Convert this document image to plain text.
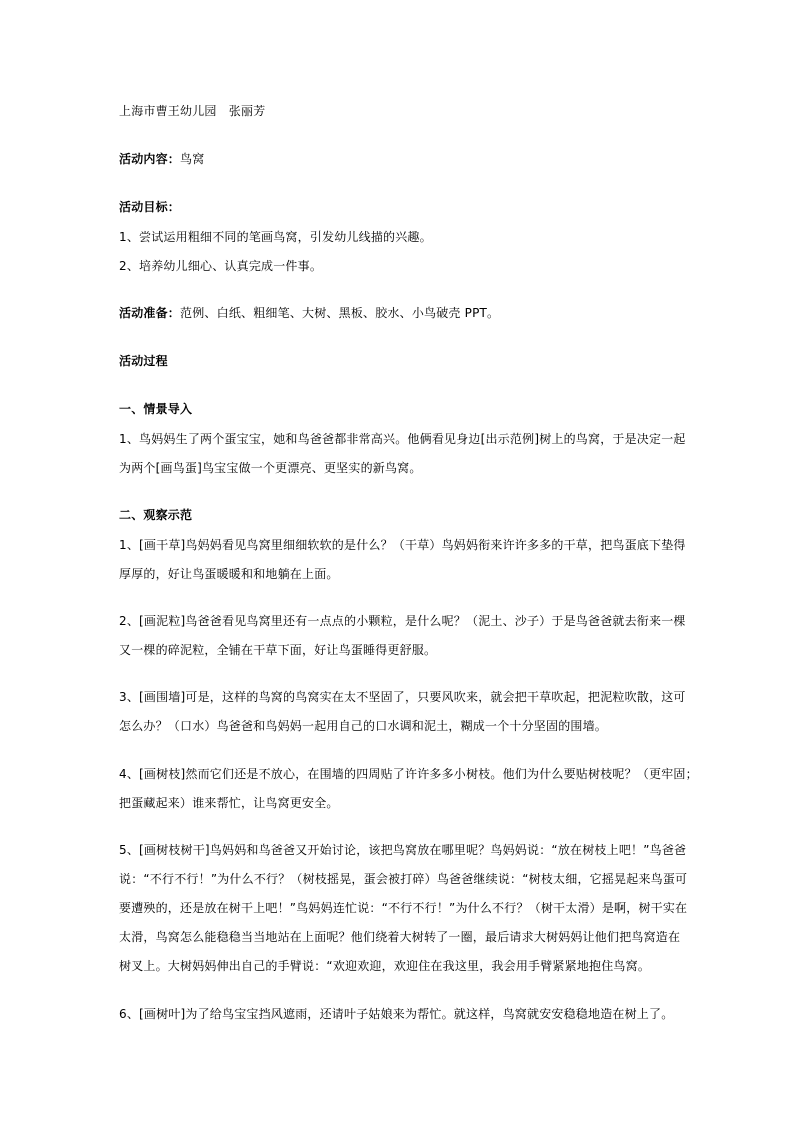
上海市曹王幼儿园　张丽芳
活动内容：鸟窝
活动目标：
1、尝试运用粗细不同的笔画鸟窝，引发幼儿线描的兴趣。
2、培养幼儿细心、认真完成一件事。
活动准备：范例、白纸、粗细笔、大树、黑板、胶水、小鸟破壳 PPT。
活动过程
一、情景导入
1、鸟妈妈生了两个蛋宝宝，她和鸟爸爸都非常高兴。他俩看见身边[出示范例]树上的鸟窝，于是决定一起
为两个[画鸟蛋]鸟宝宝做一个更漂亮、更坚实的新鸟窝。
二、观察示范
1、[画干草]鸟妈妈看见鸟窝里细细软软的是什么？（干草）鸟妈妈衔来许许多多的干草，把鸟蛋底下垫得
厚厚的，好让鸟蛋暖暖和和地躺在上面。
2、[画泥粒]鸟爸爸看见鸟窝里还有一点点的小颗粒，是什么呢？（泥土、沙子）于是鸟爸爸就去衔来一棵
又一棵的碎泥粒，全铺在干草下面，好让鸟蛋睡得更舒服。
3、[画围墙]可是，这样的鸟窝的鸟窝实在太不坚固了，只要风吹来，就会把干草吹起，把泥粒吹散，这可
怎么办？（口水）鸟爸爸和鸟妈妈一起用自己的口水调和泥土，糊成一个十分坚固的围墙。
4、[画树枝]然而它们还是不放心，在围墙的四周贴了许许多多小树枝。他们为什么要贴树枝呢？（更牢固；
把蛋藏起来）谁来帮忙，让鸟窝更安全。
5、[画树枝树干]鸟妈妈和鸟爸爸又开始讨论，该把鸟窝放在哪里呢？鸟妈妈说：“放在树枝上吧！”鸟爸爸
说：“不行不行！”为什么不行？（树枝摇晃，蛋会被打碎）鸟爸爸继续说：“树枝太细，它摇晃起来鸟蛋可
要遭殃的，还是放在树干上吧！”鸟妈妈连忙说：“不行不行！”为什么不行？（树干太滑）是啊，树干实在
太滑，鸟窝怎么能稳稳当当地站在上面呢？他们绕着大树转了一圈，最后请求大树妈妈让他们把鸟窝造在
树叉上。大树妈妈伸出自己的手臂说：“欢迎欢迎，欢迎住在我这里，我会用手臂紧紧地抱住鸟窝。
6、[画树叶]为了给鸟宝宝挡风遮雨，还请叶子姑娘来为帮忙。就这样，鸟窝就安安稳稳地造在树上了。
